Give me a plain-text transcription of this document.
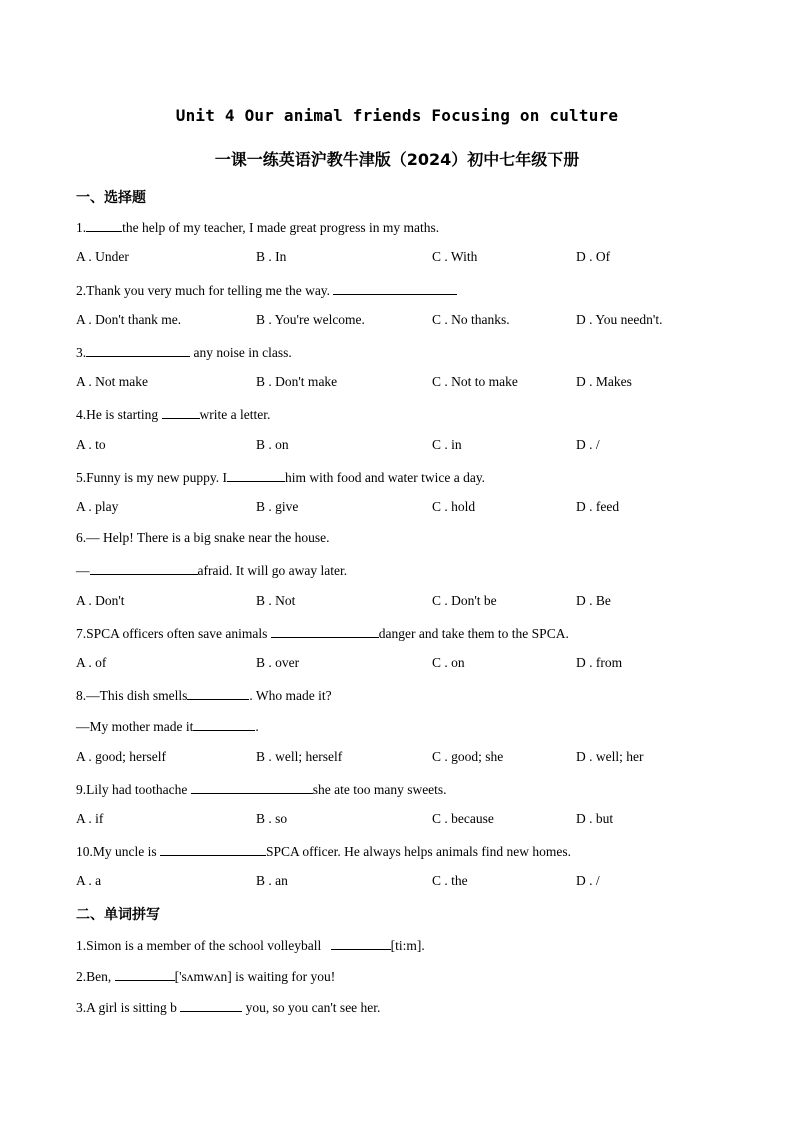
Unit 4 Our animal friends Focusing on culture
一课一练英语沪教牛津版（2024）初中七年级下册
一、选择题
1.	the help of my teacher, I made great progress in my maths.
A . Under	B . In	C . With	D . Of
2.Thank you very much for telling me the way.
A . Don't thank me.	B . You're welcome.	C . No thanks.	D . You needn't.
3.	any noise in class.
A . Not make	B . Don't make	C . Not to make	D . Makes
4.He is starting	write a letter.
A . to	B . on	C . in	D . /
5.Funny is my new puppy. I	him with food and water twice a day.
A . play	B . give	C . hold	D . feed
6.— Help! There is a big snake near the house.
—	afraid. It will go away later.
A . Don't	B . Not	C . Don't be	D . Be
7.SPCA officers often save animals	danger and take them to the SPCA.
A . of	B . over	C . on	D . from
8.—This dish smells	. Who made it?
—My mother made it	.
A . good; herself	B . well; herself	C . good; she	D . well; her
9.Lily had toothache	she ate too many sweets.
A . if	B . so	C . because	D . but
10.My uncle is	SPCA officer. He always helps animals find new homes.
A . a	B . an	C . the	D . /
二、单词拼写
1.Simon is a member of the school volleyball	[ti:m].
2.Ben,	['sʌmwʌn] is waiting for you!
3.A girl is sitting b	you, so you can't see her.
